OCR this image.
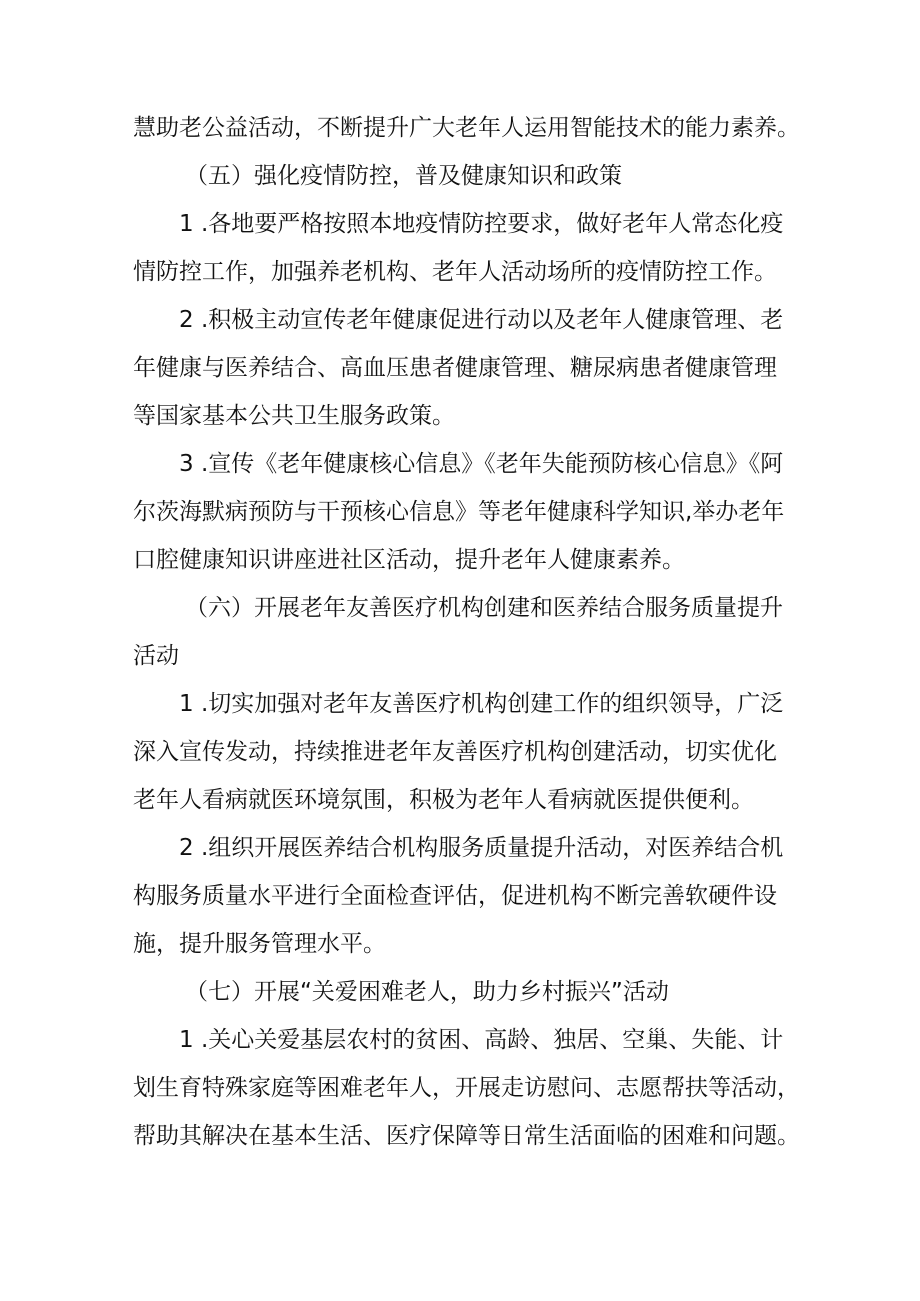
慧助老公益活动，不断提升广大老年人运用智能技术的能力素养。

（五）强化疫情防控，普及健康知识和政策

1 .各地要严格按照本地疫情防控要求，做好老年人常态化疫

情防控工作，加强养老机构、老年人活动场所的疫情防控工作。

2 .积极主动宣传老年健康促进行动以及老年人健康管理、老

年健康与医养结合、高血压患者健康管理、糖尿病患者健康管理

等国家基本公共卫生服务政策。

3 .宣传《老年健康核心信息》《老年失能预防核心信息》《阿

尔茨海默病预防与干预核心信息》等老年健康科学知识,举办老年

口腔健康知识讲座进社区活动，提升老年人健康素养。

（六）开展老年友善医疗机构创建和医养结合服务质量提升

活动

1 .切实加强对老年友善医疗机构创建工作的组织领导，广泛

深入宣传发动，持续推进老年友善医疗机构创建活动，切实优化

老年人看病就医环境氛围，积极为老年人看病就医提供便利。

2 .组织开展医养结合机构服务质量提升活动，对医养结合机

构服务质量水平进行全面检查评估，促进机构不断完善软硬件设

施，提升服务管理水平。

（七）开展“关爱困难老人，助力乡村振兴”活动

1 .关心关爱基层农村的贫困、高龄、独居、空巢、失能、计

划生育特殊家庭等困难老年人，开展走访慰问、志愿帮扶等活动，

帮助其解决在基本生活、医疗保障等日常生活面临的困难和问题。
